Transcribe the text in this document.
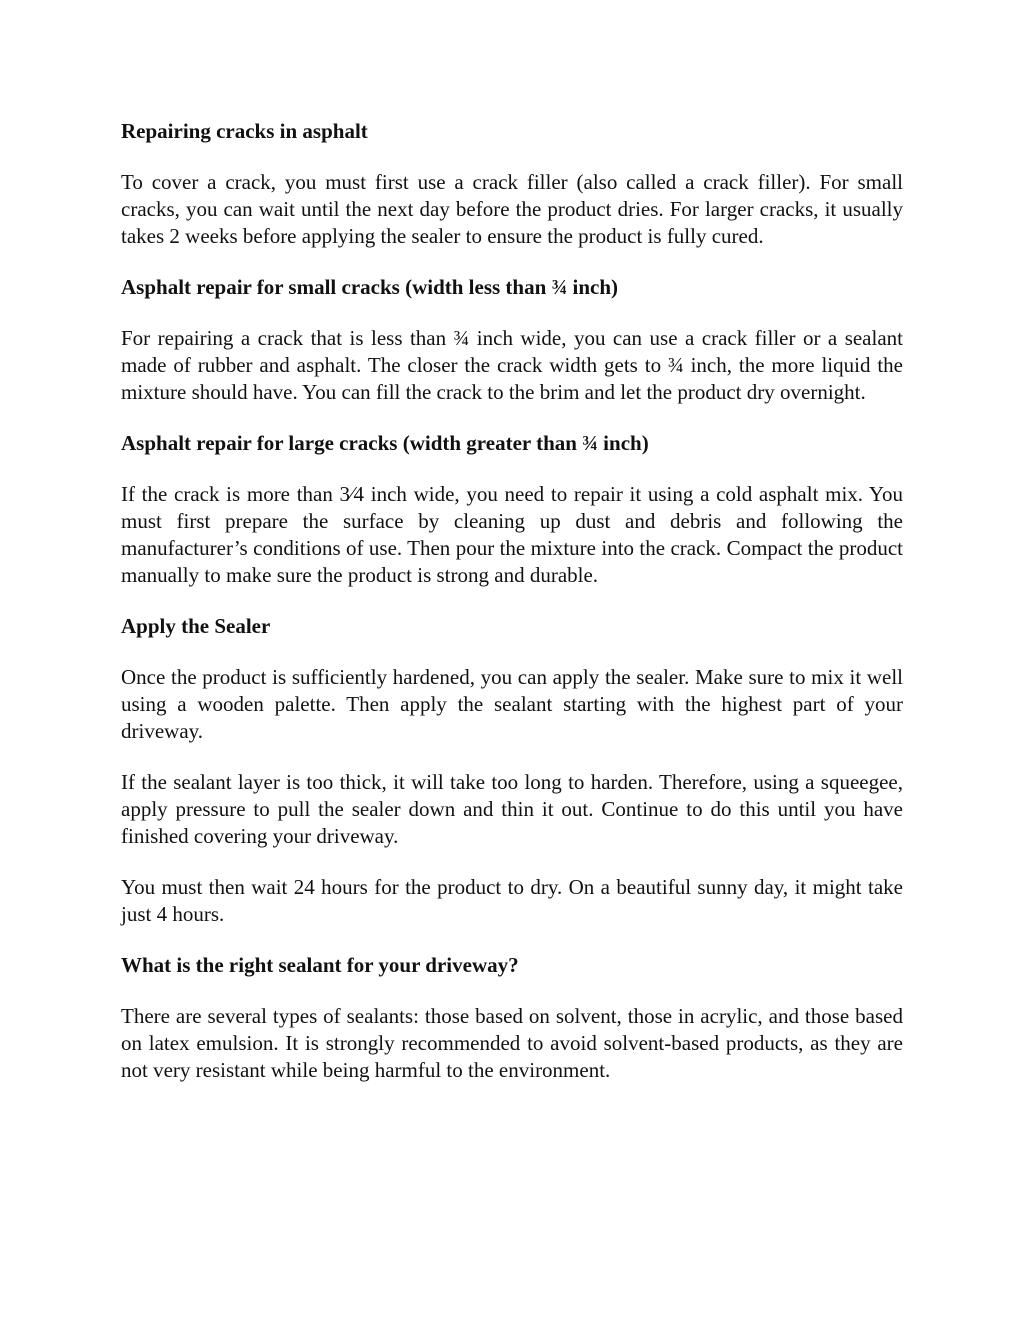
Repairing cracks in asphalt

To cover a crack, you must first use a crack filler (also called a crack filler). For small cracks, you can wait until the next day before the product dries. For larger cracks, it usually takes 2 weeks before applying the sealer to ensure the product is fully cured.

Asphalt repair for small cracks (width less than ¾ inch)

For repairing a crack that is less than ¾ inch wide, you can use a crack filler or a sealant made of rubber and asphalt. The closer the crack width gets to ¾ inch, the more liquid the mixture should have. You can fill the crack to the brim and let the product dry overnight.

Asphalt repair for large cracks (width greater than ¾ inch)

If the crack is more than 3⁄4 inch wide, you need to repair it using a cold asphalt mix. You must first prepare the surface by cleaning up dust and debris and following the manufacturer’s conditions of use. Then pour the mixture into the crack. Compact the product manually to make sure the product is strong and durable.

Apply the Sealer

Once the product is sufficiently hardened, you can apply the sealer. Make sure to mix it well using a wooden palette. Then apply the sealant starting with the highest part of your driveway.

If the sealant layer is too thick, it will take too long to harden. Therefore, using a squeegee, apply pressure to pull the sealer down and thin it out. Continue to do this until you have finished covering your driveway.

You must then wait 24 hours for the product to dry. On a beautiful sunny day, it might take just 4 hours.

What is the right sealant for your driveway?

There are several types of sealants: those based on solvent, those in acrylic, and those based on latex emulsion. It is strongly recommended to avoid solvent-based products, as they are not very resistant while being harmful to the environment.
